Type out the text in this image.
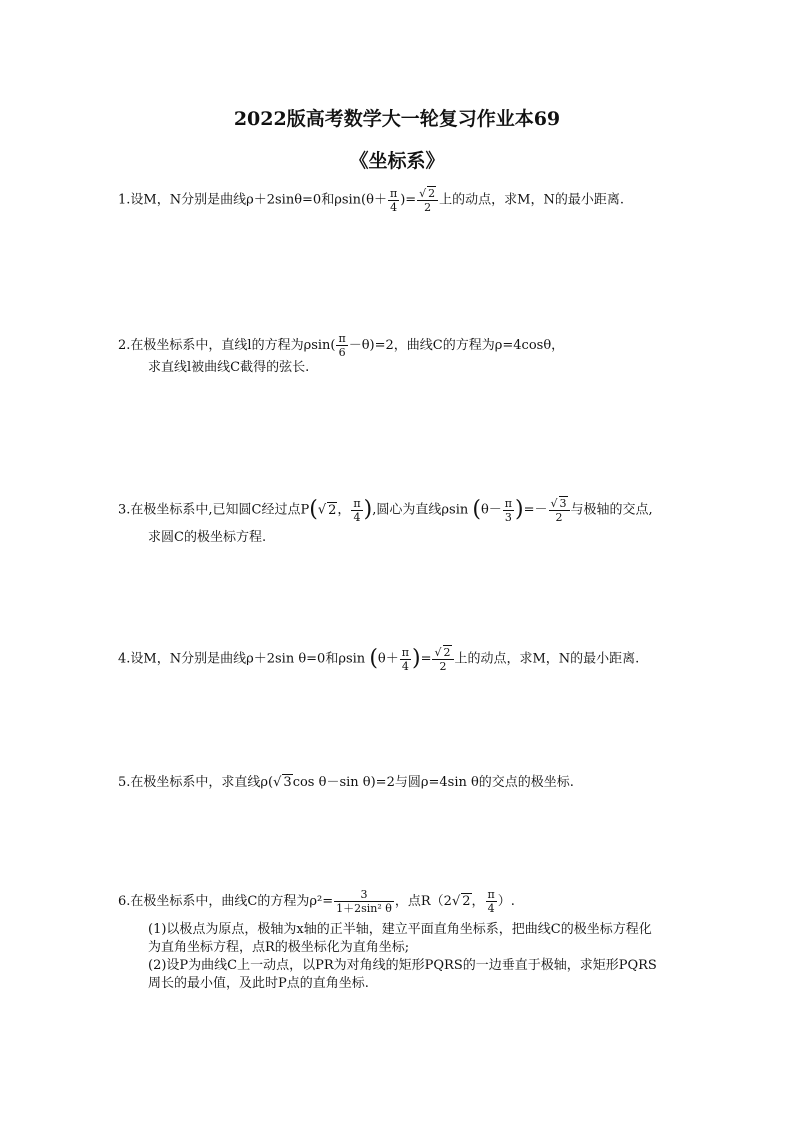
2022版高考数学大一轮复习作业本69
《坐标系》
1.设M，N分别是曲线ρ＋2sinθ=0和$\rho\sin(\theta+ \frac{\pi}{4}$ )= $\frac{√ 2}{2}$ 上的动点，求M，N的最小距离.
2.在极坐标系中，直线l的方程为$\rho\sin( \frac{\pi}{6} -\theta)=2$，曲线C的方程为ρ=4cosθ，
求直线l被曲线C截得的弦长.
3.在极坐标系中,已知圆C经过点P(√ 2， $\frac{\pi}{4}$ ),圆心为直线ρsin ($\theta- \frac{\pi}{3}$ )=－ $\frac{√ 3}{2}$ 与极轴的交点,
求圆C的极坐标方程.
4.设M，N分别是曲线ρ＋2sin θ=0和ρsin ($\theta+ \frac{\pi}{4}$ )= $\frac{√ 2}{2}$ 上的动点，求M，N的最小距离.
5.在极坐标系中，求直线ρ(√ 3cos θ－sin θ)=2与圆ρ=4sin θ的交点的极坐标.
6.在极坐标系中，曲线C的方程为$\rho^2= \frac{3}{\text{1＋2sin² θ}}$ ，点R（2√ 2， $\frac{\pi}{4}$ ）.
(1)以极点为原点，极轴为x轴的正半轴，建立平面直角坐标系，把曲线C的极坐标方程化
为直角坐标方程，点R的极坐标化为直角坐标;
(2)设P为曲线C上一动点，以PR为对角线的矩形PQRS的一边垂直于极轴，求矩形PQRS
周长的最小值，及此时P点的直角坐标.
